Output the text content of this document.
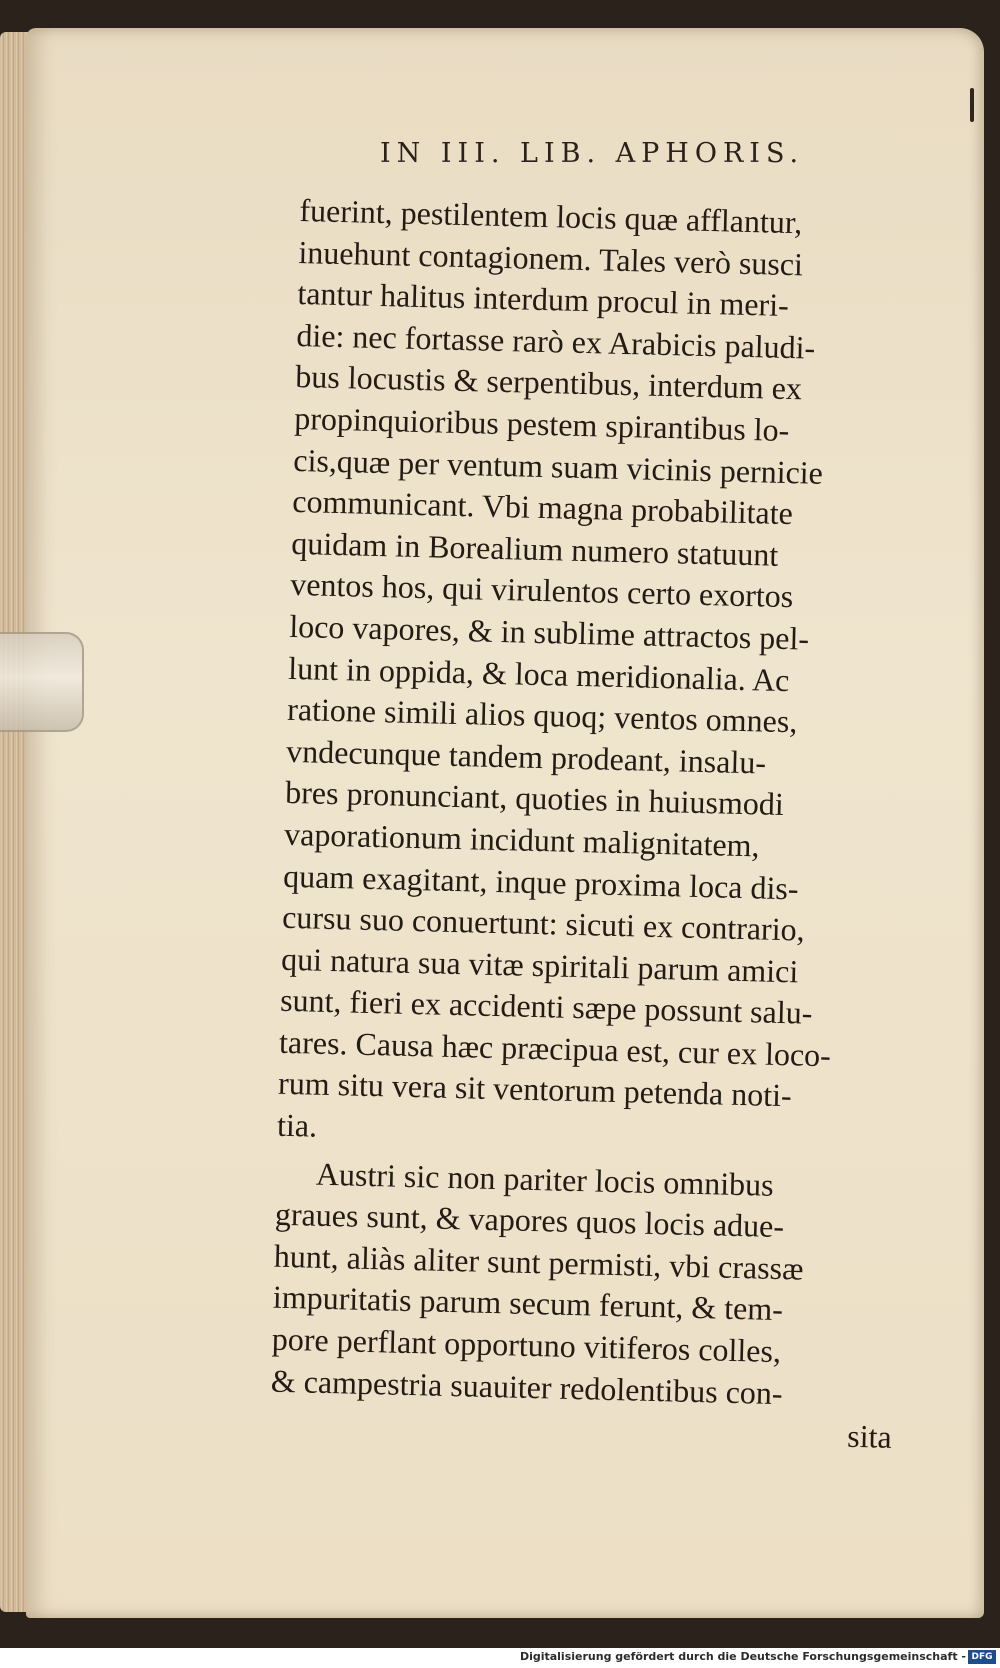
IN III. LIB. APHORIS.
fuerint, pestilentem locis quæ afflantur,
inuehunt contagionem. Tales verò susci
tantur halitus interdum procul in meri-
die: nec fortasse rarò ex Arabicis paludi-
bus locustis & serpentibus, interdum ex
propinquioribus pestem spirantibus lo-
cis,quæ per ventum suam vicinis pernicie
communicant. Vbi magna probabilitate
quidam in Borealium numero statuunt
ventos hos, qui virulentos certo exortos
loco vapores, & in sublime attractos pel-
lunt in oppida, & loca meridionalia. Ac
ratione simili alios quoq; ventos omnes,
vndecunque tandem prodeant, insalu-
bres pronunciant, quoties in huiusmodi
vaporationum incidunt malignitatem,
quam exagitant, inque proxima loca dis-
cursu suo conuertunt: sicuti ex contrario,
qui natura sua vitæ spiritali parum amici
sunt, fieri ex accidenti sæpe possunt salu-
tares. Causa hæc præcipua est, cur ex loco-
rum situ vera sit ventorum petenda noti-
tia.
Austri sic non pariter locis omnibus
graues sunt, & vapores quos locis adue-
hunt, aliàs aliter sunt permisti, vbi crassæ
impuritatis parum secum ferunt, & tem-
pore perflant opportuno vitiferos colles,
& campestria suauiter redolentibus con-
sita
Digitalisierung gefördert durch die Deutsche Forschungsgemeinschaft - DFG
